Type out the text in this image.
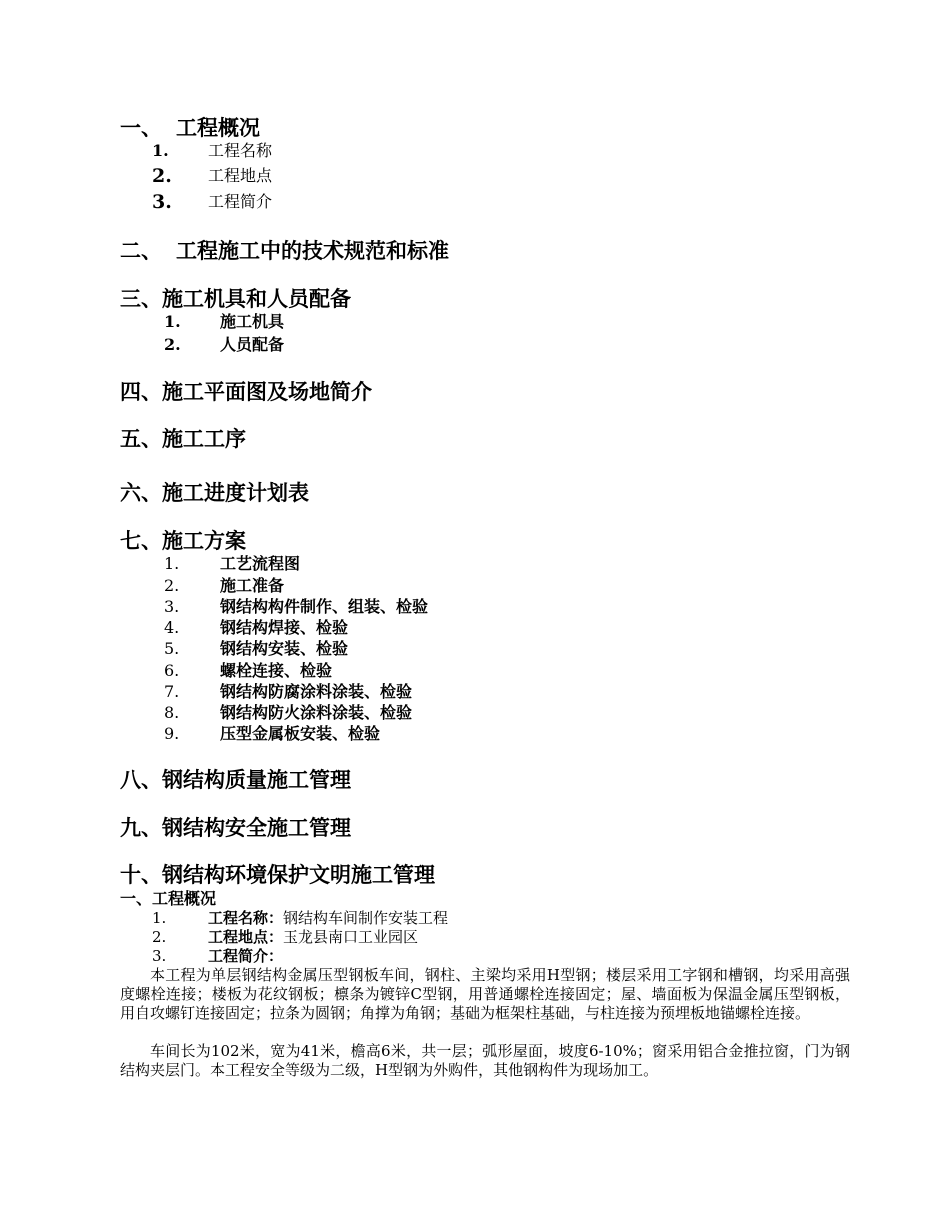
一、 工程概况
1. 工程名称
2. 工程地点
3. 工程简介
二、 工程施工中的技术规范和标准
三、施工机具和人员配备
1. 施工机具
2. 人员配备
四、施工平面图及场地简介
五、施工工序
六、施工进度计划表
七、施工方案
1.	工艺流程图
2.	施工准备
3.	钢结构构件制作、组装、检验
4.	钢结构焊接、检验
5.	钢结构安装、检验
6.	螺栓连接、检验
7.	钢结构防腐涂料涂装、检验
8.	钢结构防火涂料涂装、检验
9.	压型金属板安装、检验
八、钢结构质量施工管理
九、钢结构安全施工管理
十、钢结构环境保护文明施工管理
一、工程概况
1.	工程名称：钢结构车间制作安装工程
2.	工程地点：玉龙县南口工业园区
3.	工程简介：

本工程为单层钢结构金属压型钢板车间，钢柱、主梁均采用H型钢；楼层采用工字钢和槽钢，均采用高强度螺栓连接；楼板为花纹钢板；檩条为镀锌C型钢，用普通螺栓连接固定；屋、墙面板为保温金属压型钢板，用自攻螺钉连接固定；拉条为圆钢；角撑为角钢；基础为框架柱基础，与柱连接为预埋板地锚螺栓连接。

车间长为102米，宽为41米，檐高6米，共一层；弧形屋面，坡度6-10%；窗采用铝合金推拉窗，门为钢结构夹层门。本工程安全等级为二级，H型钢为外购件，其他钢构件为现场加工。
